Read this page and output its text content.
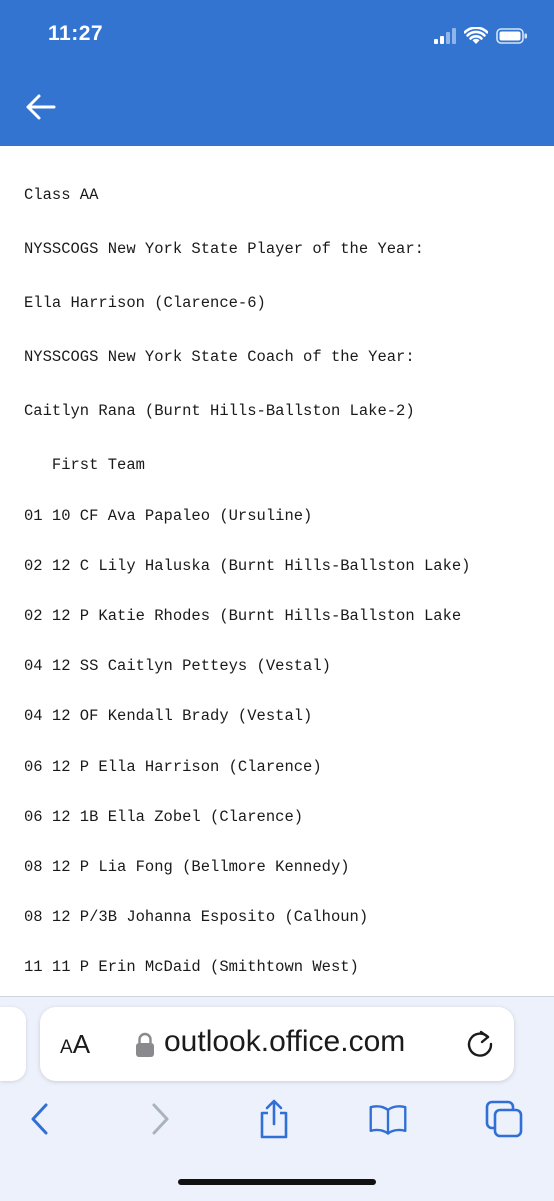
11:27
Class AA
NYSSCOGS New York State Player of the Year:
Ella Harrison (Clarence-6)
NYSSCOGS New York State Coach of the Year:
Caitlyn Rana (Burnt Hills-Ballston Lake-2)
First Team
01 10 CF Ava Papaleo (Ursuline)
02 12 C Lily Haluska (Burnt Hills-Ballston Lake)
02 12 P Katie Rhodes (Burnt Hills-Ballston Lake
04 12 SS Caitlyn Petteys (Vestal)
04 12 OF Kendall Brady (Vestal)
06 12 P Ella Harrison (Clarence)
06 12 1B Ella Zobel (Clarence)
08 12 P Lia Fong (Bellmore Kennedy)
08 12 P/3B Johanna Esposito (Calhoun)
11 11 P Erin McDaid (Smithtown West)
AA outlook.office.com
